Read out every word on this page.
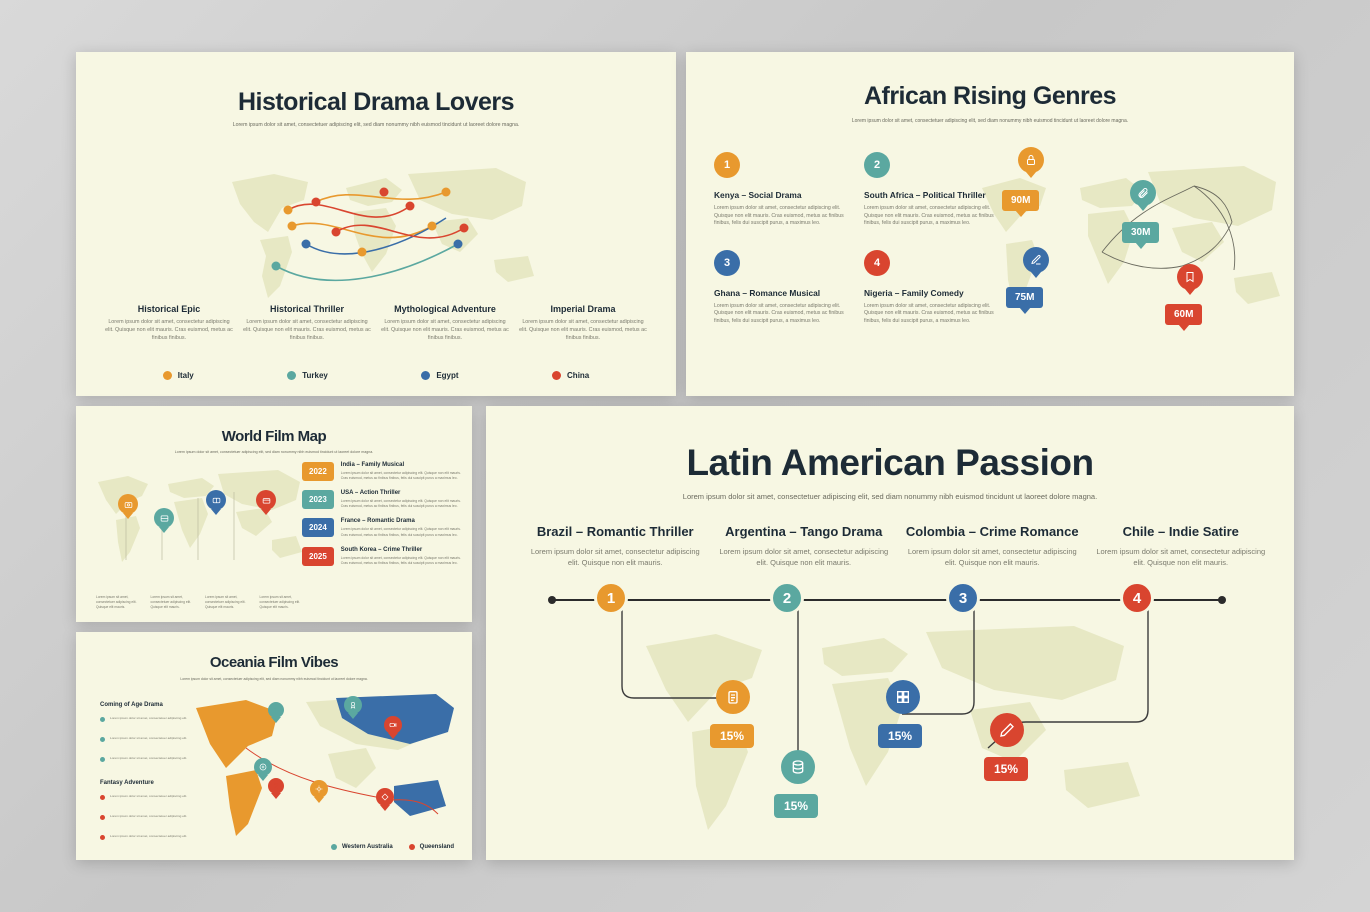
Historical Drama Lovers
Lorem ipsum dolor sit amet, consectetuer adipiscing elit, sed diam nonummy nibh euismod tincidunt ut laoreet dolore magna.
Historical Epic
Lorem ipsum dolor sit amet, consectetur adipiscing elit. Quisque non elit mauris. Cras euismod, metus ac finibus finibus.
Historical Thriller
Lorem ipsum dolor sit amet, consectetur adipiscing elit. Quisque non elit mauris. Cras euismod, metus ac finibus finibus.
Mythological Adventure
Lorem ipsum dolor sit amet, consectetur adipiscing elit. Quisque non elit mauris. Cras euismod, metus ac finibus finibus.
Imperial Drama
Lorem ipsum dolor sit amet, consectetur adipiscing elit. Quisque non elit mauris. Cras euismod, metus ac finibus finibus.
Italy	Turkey	Egypt	China
African Rising Genres
Lorem ipsum dolor sit amet, consectetuer adipiscing elit, sed diam nonummy nibh euismod tincidunt ut laoreet dolore magna.
1
Kenya – Social Drama
Lorem ipsum dolor sit amet, consectetur adipiscing elit. Quisque non elit mauris. Cras euismod, metus ac finibus finibus, felis dui suscipit purus, a maximus leo.
2
South Africa – Political Thriller
Lorem ipsum dolor sit amet, consectetur adipiscing elit. Quisque non elit mauris. Cras euismod, metus ac finibus finibus, felis dui suscipit purus, a maximus leo.
3
Ghana – Romance Musical
Lorem ipsum dolor sit amet, consectetur adipiscing elit. Quisque non elit mauris. Cras euismod, metus ac finibus finibus, felis dui suscipit purus, a maximus leo.
4
Nigeria – Family Comedy
Lorem ipsum dolor sit amet, consectetur adipiscing elit. Quisque non elit mauris. Cras euismod, metus ac finibus finibus, felis dui suscipit purus, a maximus leo.
90M
30M
75M
60M
World Film Map
Lorem ipsum dolor sit amet, consectetuer adipiscing elit, sed diam nonummy nibh euismod tincidunt ut laoreet dolore magna.
2022
India – Family Musical
Lorem ipsum dolor sit amet, consectetur adipiscing elit. Quisque non elit mauris. Cras euismod, metus ac finibus finibus, felis dui suscipit purus a maximus leo.
2023
USA – Action Thriller
Lorem ipsum dolor sit amet, consectetur adipiscing elit. Quisque non elit mauris. Cras euismod, metus ac finibus finibus, felis dui suscipit purus a maximus leo.
2024
France – Romantic Drama
Lorem ipsum dolor sit amet, consectetur adipiscing elit. Quisque non elit mauris. Cras euismod, metus ac finibus finibus, felis dui suscipit purus a maximus leo.
2025
South Korea – Crime Thriller
Lorem ipsum dolor sit amet, consectetur adipiscing elit. Quisque non elit mauris. Cras euismod, metus ac finibus finibus, felis dui suscipit purus a maximus leo.
Lorem ipsum sit amet, consectetuer adipiscing elit. Quisque elit mauris.
Lorem ipsum sit amet, consectetuer adipiscing elit. Quisque elit mauris.
Lorem ipsum sit amet, consectetuer adipiscing elit. Quisque elit mauris.
Lorem ipsum sit amet, consectetuer adipiscing elit. Quisque elit mauris.
Oceania Film Vibes
Lorem ipsum dolor sit amet, consectetuer adipiscing elit, sed diam nonummy nibh euismod tincidunt ut laoreet dolore magna.
1
2
Coming of Age Drama
Lorem ipsum dolor sit amet, consectetuer adipiscing elit.
Lorem ipsum dolor sit amet, consectetuer adipiscing elit.
Lorem ipsum dolor sit amet, consectetuer adipiscing elit.
Fantasy Adventure
Lorem ipsum dolor sit amet, consectetuer adipiscing elit.
Lorem ipsum dolor sit amet, consectetuer adipiscing elit.
Lorem ipsum dolor sit amet, consectetuer adipiscing elit.
Western Australia	Queensland
Latin American Passion
Lorem ipsum dolor sit amet, consectetuer adipiscing elit, sed diam nonummy nibh euismod tincidunt ut laoreet dolore magna.
Brazil – Romantic Thriller
Lorem ipsum dolor sit amet, consectetur adipiscing elit. Quisque non elit mauris.
Argentina – Tango Drama
Lorem ipsum dolor sit amet, consectetur adipiscing elit. Quisque non elit mauris.
Colombia – Crime Romance
Lorem ipsum dolor sit amet, consectetur adipiscing elit. Quisque non elit mauris.
Chile – Indie Satire
Lorem ipsum dolor sit amet, consectetur adipiscing elit. Quisque non elit mauris.
1	2	3	4
15%
15%
15%
15%
